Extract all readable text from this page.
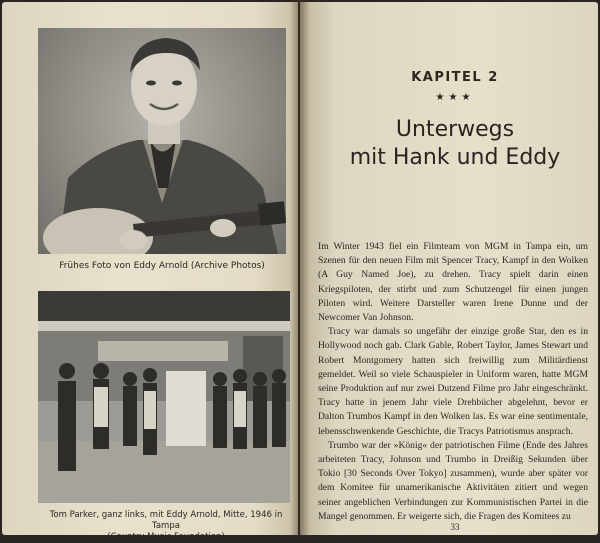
Frühes Foto von Eddy Arnold (Archive Photos)
Tom Parker, ganz links, mit Eddy Arnold, Mitte, 1946 in Tampa
(Country Music Foundation)
KAPITEL 2
★★★
Unterwegs
mit Hank und Eddy

Im Winter 1943 fiel ein Filmteam von MGM in Tampa ein, um Szenen für den neuen Film mit Spencer Tracy, Kampf in den Wolken (A Guy Named Joe), zu drehen. Tracy spielt darin einen Kriegspiloten, der stirbt und zum Schutzengel für einen jungen Piloten wird. Weitere Darsteller waren Irene Dunne und der Newcomer Van Johnson.

Tracy war damals so ungefähr der einzige große Star, den es in Hollywood noch gab. Clark Gable, Robert Taylor, James Stewart und Robert Montgomery hatten sich freiwillig zum Militärdienst gemeldet. Weil so viele Schauspieler in Uniform waren, hatte MGM seine Produktion auf nur zwei Dutzend Filme pro Jahr eingeschränkt. Tracy hatte in jenem Jahr viele Drehbücher abgelehnt, bevor er Dalton Trumbos Kampf in den Wolken las. Es war eine sentimentale, lebensschwenkende Geschichte, die Tracys Patriotismus ansprach.

Trumbo war der »König« der patriotischen Filme (Ende des Jahres arbeiteten Tracy, Johnson und Trumbo in Dreißig Sekunden über Tokio [30 Seconds Over Tokyo] zusammen), wurde aber später vor dem Komitee für unamerikanische Aktivitäten zitiert und wegen seiner angeblichen Verbindungen zur Kommunistischen Partei in die Mangel genommen. Er weigerte sich, die Fragen des Komitees zu

33
